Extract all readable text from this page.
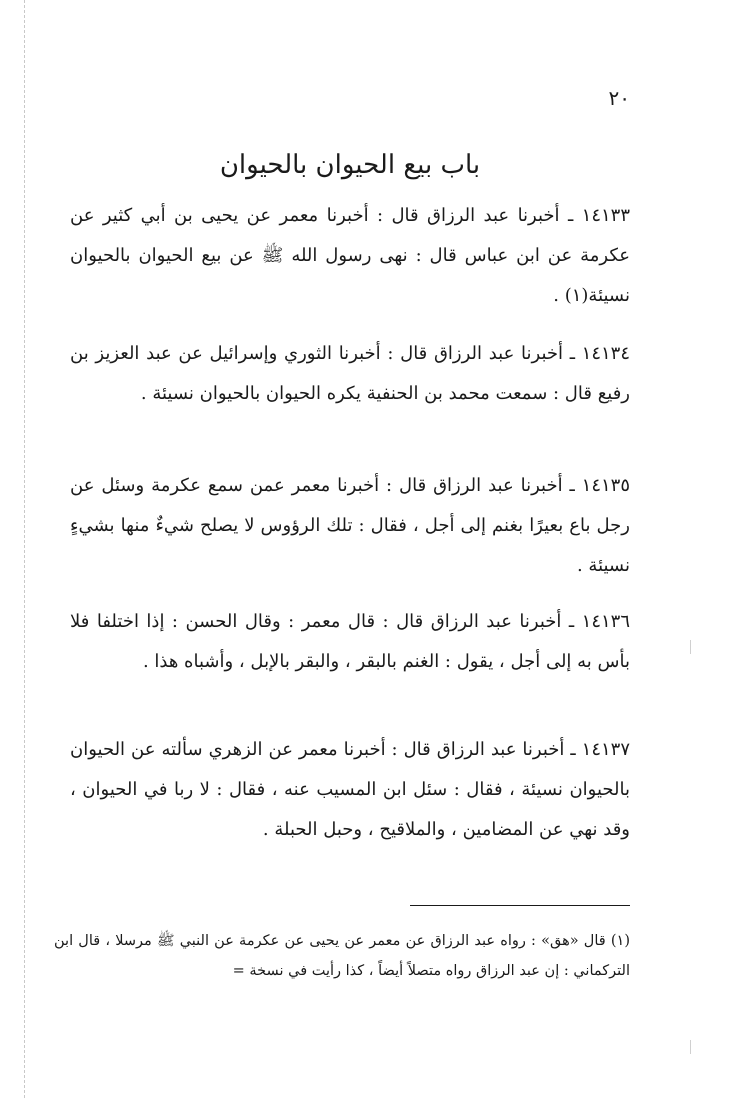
٢٠
باب بيع الحيوان بالحيوان

١٤١٣٣ ـ أخبرنا عبد الرزاق قال : أخبرنا معمر عن يحيى بن أبي كثير عن عكرمة عن ابن عباس قال : نهى رسول الله ﷺ عن بيع الحيوان بالحيوان نسيئة(١) .

١٤١٣٤ ـ أخبرنا عبد الرزاق قال : أخبرنا الثوري وإسرائيل عن عبد العزيز بن رفيع قال : سمعت محمد بن الحنفية يكره الحيوان بالحيوان نسيئة .

١٤١٣٥ ـ أخبرنا عبد الرزاق قال : أخبرنا معمر عمن سمع عكرمة وسئل عن رجل باع بعيرًا بغنم إلى أجل ، فقال : تلك الرؤوس لا يصلح شيءٌ منها بشيءٍ نسيئة .

١٤١٣٦ ـ أخبرنا عبد الرزاق قال : قال معمر : وقال الحسن : إذا اختلفا فلا بأس به إلى أجل ، يقول : الغنم بالبقر ، والبقر بالإبل ، وأشباه هذا .

١٤١٣٧ ـ أخبرنا عبد الرزاق قال : أخبرنا معمر عن الزهري سألته عن الحيوان بالحيوان نسيئة ، فقال : سئل ابن المسيب عنه ، فقال : لا ربا في الحيوان ، وقد نهي عن المضامين ، والملاقيح ، وحبل الحبلة .

(١) قال «هق» : رواه عبد الرزاق عن معمر عن يحيى عن عكرمة عن النبي ﷺ مرسلا ، قال ابن التركماني : إن عبد الرزاق رواه متصلاً أيضاً ، كذا رأيت في نسخة =
